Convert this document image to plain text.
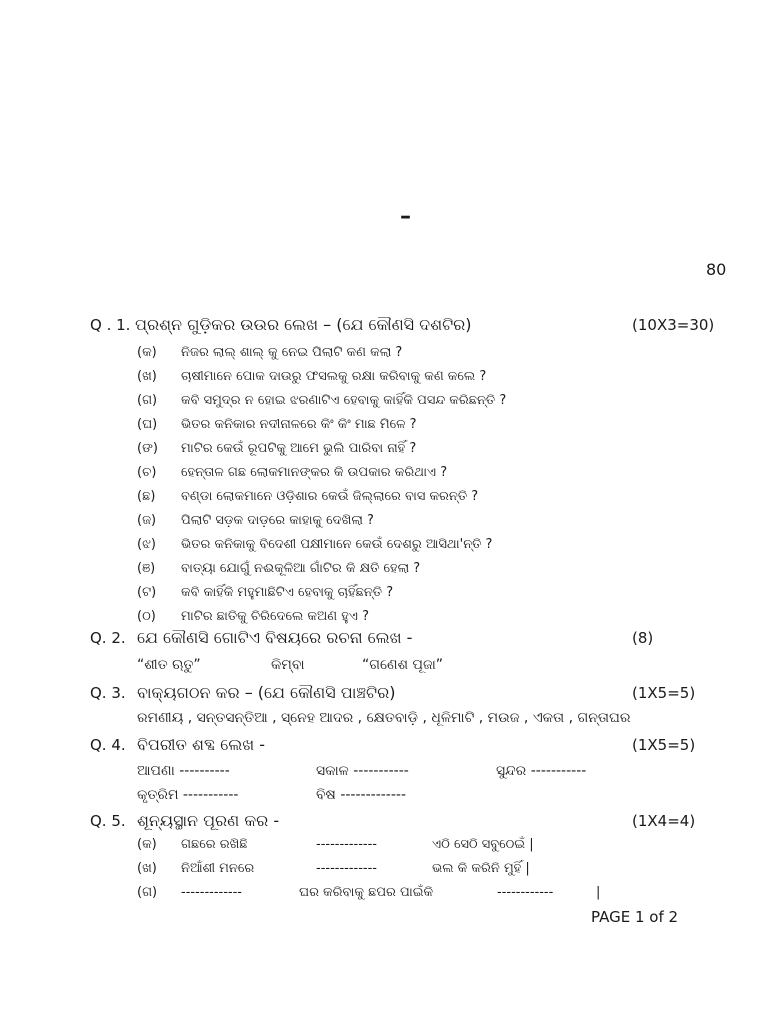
–
80
Q . 1. ପ୍ରଶ୍ନ ଗୁଡ଼ିକର ଉଉର ଲେଖ – (ଯେ କୌଣସି ଦଶଟିର)	(10X3=30)
(କ) ନିଜର ଲାଲ୍ ଶାଲ୍ କୁ ନେଇ ପିଲାଟି କଣ କଲା ?
(ଖ) ଚାଷୀମାନେ ପୋକ ଦାଉରୁ ଫସଲକୁ ରକ୍ଷା କରିବାକୁ କଣ କଲେ ?
(ଗ) କବି ସମୁଦ୍ର ନ ହୋଇ ଝରଣାଟିଏ ହେବାକୁ କାହିଁକି ପସନ୍ଦ କରିଛନ୍ତି ?
(ଘ) ଭିତର କନିକାର ନଦୀନାଳରେ କିଂ କିଂ ମାଛ ମିଳେ ?
(ଙ) ମାଟିର କେଉଁ ରୂପଟିକୁ ଆମେ ଭୁଲି ପାରିବା ନାହିଁ ?
(ଚ) ହେନ୍ତାଳ ଗଛ ଲୋକମାନଙ୍କର କି ଉପକାର କରିଥାଏ ?
(ଛ) ବଣ୍ଡା ଲୋକମାନେ ଓଡ଼ିଶାର କେଉଁ ଜିଲ୍ଲାରେ ବାସ କରନ୍ତି ?
(ଜ) ପିଲାଟି ସଡ଼କ ଦାଡ଼ରେ କାହାକୁ ଦେଖିଲା ?
(ଝ) ଭିତର କନିକାକୁ ବିଦେଶୀ ପକ୍ଷୀମାନେ କେଉଁ ଦେଶରୁ ଆସିଥା'ନ୍ତି ?
(ଞ) ବାତ୍ୟା ଯୋଗୁଁ ନଈକୂଳିଆ ଗାଁଟିର କି କ୍ଷତି ହେଲା ?
(ଟ) କବି କାହିଁକି ମହୁମାଛିଟିଏ ହେବାକୁ ଚାହିଁଛନ୍ତି ?
(ଠ) ମାଟିର ଛାତିକୁ ଚିରିଦେଲେ କଅଣ ହୁଏ ?
Q. 2. ଯେ କୌଣସି ଗୋଟିଏ ବିଷୟରେ ରଚନା ଲେଖ -	(8)
“ଶୀତ ଋତୁ”	କିମ୍ବା	“ଗଣେଶ ପୂଜା”
Q. 3. ବାକ୍ୟଗଠନ କର – (ଯେ କୌଣସି ପାଞ୍ଚଟିର)	(1X5=5)
ରମଣୀୟ , ସନ୍ତସନ୍ତିଆ , ସ୍ନେହ ଆଦର , କ୍ଷେତବାଡ଼ି , ଧୂଳିମାଟି , ମଉଜ , ଏକତା , ଗନ୍ତାଘର
Q. 4. ବିପରୀତ ଶବ୍ଦ ଲେଖ -	(1X5=5)
ଆପଣା ----------	ସକାଳ -----------	ସୁନ୍ଦର -----------
କୃତ୍ରିମ -----------	ବିଷ -------------
Q. 5. ଶୂନ୍ୟସ୍ଥାନ ପୂରଣ କର -	(1X4=4)
(କ) ଗଛରେ ରଖିଛି	-------------	ଏଠି ସେଠି ସବୁଠେଇଁ |
(ଖ) ନିଆଁଶୀ ମନରେ	-------------	ଭଲ କି କରିନି ମୁହିଁ |
(ଗ) -------------	ଘର କରିବାକୁ ଛପର ପାଇଁକି	------------	|
PAGE 1 of 2
